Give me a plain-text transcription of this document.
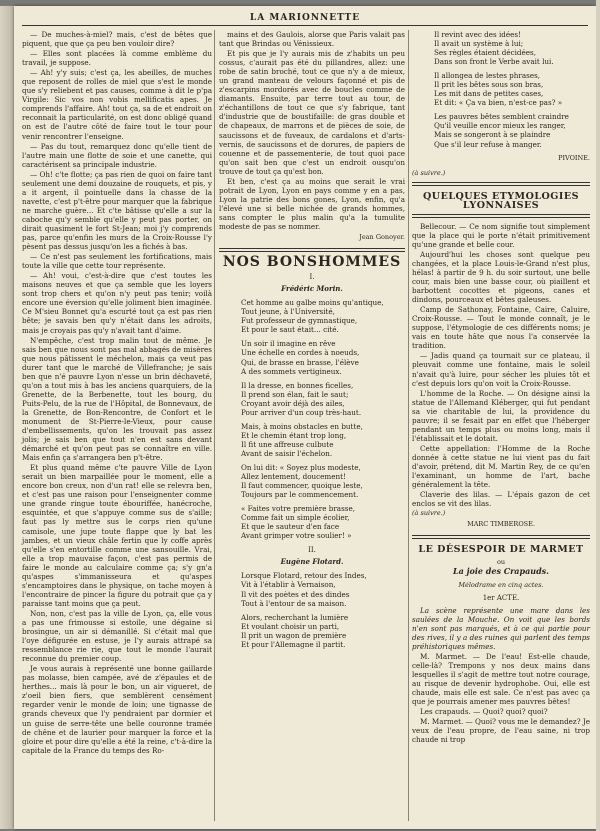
LA MARIONNETTE

— De muches-à-miel? mais, c'est de bêtes que piquent, que que ça peu ben vouloir dire?

— Elles sont placées là comme emblème du travail, je suppose.

— Ah! y'y suis; c'est ça, les abeilles, de muches que reposent de rolles de miel que s'est le monde que s'y reliebent et pas causes, comme à dit le p'pa Virgile: Sic vos non vobis mellificatis apes. Je comprends l'affaire. Ah! tout ça, sa de et endroit on reconnait la particularité, on est donc obligé quand on est de l'autre côté de faire tout le tour pour venir rencontrer l'enseigne.

— Pas du tout, remarquez donc qu'elle tient de l'autre main une flotte de soie et une canette, qui caractérisent sa principale industrie.

— Oh! c'te flotte; ça pas rien de quoi on faire tant seulement une demi douzaine de rouquets, et pis, y a it argent, il pointuelle dans la chasse de la navette, c'est p't-être pour marquer que la fabrique ne marche guère... Et c'te bâtisse qu'elle a sur la caboche qu'y semble qu'elle y peut pas porter, on dirait quasiment le fort St-Jean; moi j'y comprends pas, parce qu'enfin les murs de la Croix-Rousse l'y pèsent pas dessus jusqu'on les a fichés à bas.

— Ce n'est pas seulement les fortifications, mais toute la ville que cette tour représente.

— Ah! voui, c'est-à-dire que c'est toutes les maisons neuves et que ça semble que les loyers sont trop chers et qu'on n'y peut pas tenir; voilà encore une éversion qu'elle joliment bien imaginée. Ce M'sieu Bonnet qu'a escurté tout ça est pas rien bête; je savais ben qu'y n'était dans les adroits, mais je croyais pas qu'y n'avait tant d'aime.

N'empêche, c'est trop malin tout de même. Je sais ben que nous sont pas mal abbagés de misères que nous pâtissent le méchelon, mais ça veut pas durer tant que le marché de Villefranche; je sais ben que n'é pauvre Lyon n'esse un brin déchaveté, qu'on a tout mis à bas les anciens quarquiers, de la Grenette, de la Berbenette, tout les bourg, du Puits-Pelu, de la rue de l'Hôpital, de Bonnevaux, de la Grenette, de Bon-Rencontre, de Confort et le monument de St-Pierre-le-Vieux, pour cause d'embellissements, qu'on les trouvait pas assez jolis; je sais ben que tout n'en est sans devant démarché et qu'on peut pas se connaître en ville. Mais enfin ça s'arrangera ben p't-être.

Et plus quand même c'te pauvre Ville de Lyon serait un bien marpaillée pour le moment, elle a encore bon creux, non d'un rat! elle se relevra ben, et c'est pas une raison pour l'enseignenter comme une grande ringue toute ébouriffée, hanécroche, esquintée, et que s'appuye comme sus de s'aille; faut pas ly mettre sus le corps rien qu'une camisole, une jupe toute flappe que ly bat les jambes, et un vieux châle fertin que ly coffe après qu'elle s'en entortille comme une sansouille. Vrai, elle a trop mauvaise façon, c'est pas permis de faire le monde au calculaire comme ça; s'y gn'a qu'aspes s'immanisseura et qu'aspes s'encamptoires dans le physique, on tache moyen à l'encontraire de pincer la figure du potrait que ça y paraisse tant moins que ça peut.

Non, non, c'est pas la ville de Lyon, ça, elle vous a pas une frimousse si estoile, une dégaine si brosingue, un air si démanillé. Si c'était mal que l'oye défigurée en estuse, je l'y aurais attrapé sa ressemblance rie rie, que tout le monde l'aurait reconnue du premier coup.

Je vous aurais à représenté une bonne gaillarde pas molasse, bien campée, avé de z'épaules et de herthes... mais là pour le bon, un air vigueret, de z'oeil bien fiers, que semblèrent censément regarder venir le monde de loin; une tignasse de grands cheveux que l'y pendraient par dormier et un guise de serre-tête une belle couronne tramée de chêne et de laurier pour marquer la force et la gloire et pour dire qu'elle a été la reine, c't-à-dire la capitale de la France du temps des Ro-

mains et des Gaulois, alorse que Paris valait pas tant que Brindas ou Vénissieux.

Et pis que je l'y aurais mis de z'habits un peu cossus, c'aurait pas été du pillandres, allez: une robe de satin broché, tout ce que n'y a de mieux, un grand manteau de velours façonné et pis de z'escarpins mordorés avec de boucles comme de diamants. Ensuite, par terre tout au tour, de z'échantillons de tout ce que s'y fabrique, tant d'industrie que de boustifaille: de gras double et de chapeaux, de marrons et de pièces de soie, de saucissons et de fuveaux, de cardalons et d'arts-vernis, de saucissons et de dorures, de papiers de couenne et de passementerie, de tout quoi pace qu'on sait ben que c'est un endroit ousqu'on trouve de tout ça qu'est bon.

Et ben, c'est ça au moins que serait le vrai potrait de Lyon, Lyon en pays comme y en a pas, Lyon la patrie des bons gones, Lyon, enfin, qu'a l'élevé une si belle nichée de grands hommes, sans compter le plus malin qu'a la tumulite modeste de pas se nommer.

Jean Gonoyer.
NOS BONSHOMMES
I.
Frédéric Morin.
Cet homme au galbe moins qu'antique,
Tout jeune, à l'Université,
Fut professeur de gymnastique,
Et pour le saut était... cité.
Un soir il imagine en rêve
Une échelle en cordes à noeuds,
Qui, de brasse en brasse, l'élève
A des sommets vertigineux.
Il la dresse, en bonnes ficelles,
Il prend son élan, fait le saut;
Croyant avoir déjà des ailes,
Pour arriver d'un coup très-haut.
Mais, à moins obstacles en butte,
Et le chemin étant trop long,
Il fit une affreuse culbute
Avant de saisir l'échelon.
On lui dit: « Soyez plus modeste,
Allez lentement, doucement!
Il faut commencer, quoique leste,
Toujours par le commencement.
« Faites votre première brasse,
Comme fait un simple écolier,
Et que le sauteur d'en face
Avant grimper votre soulier! »
II.
Eugène Flotard.
Lorsque Flotard, retour des Indes,
Vit à l'établir à Vernaison,
Il vit des poètes et des dindes
Tout à l'entour de sa maison.
Alors, recherchant la lumière
Et voulant choisir un parti,
Il prit un wagon de première
Et pour l'Allemagne il partit.
Il revint avec des idées!
Il avait un système à lui;
Ses règles étaient décidées,
Dans son front le Verbe avait lui.
Il allongea de lestes phrases,
Il prit les bêtes sous son bras,
Les mit dans de petites cases,
Et dit: « Ça va bien, n'est-ce pas? »
Les pauvres bêtes semblent craindre
Qu'il veuille encor mieux les ranger,
Mais se songeront à se plaindre
Que s'il leur refuse à manger.
PIVOINE.
(à suivre.)
QUELQUES ETYMOLOGIES LYONNAISES

Bellecour. — Ce nom signifie tout simplement que la place qui le porte n'était primitivement qu'une grande et belle cour.

Aujourd'hui les choses sont quelque peu changées, et la place Louis-le-Grand n'est plus, hélas! à partir de 9 h. du soir surtout, une belle cour, mais bien une basse cour, où piaillent et barbottent cocottes et pigeons, canes et dindons, pourceaux et bêtes galeuses.

Camp de Sathonay, Fontaine, Caire, Caluire, Croix-Rousse. — Tout le monde connaît, je le suppose, l'étymologie de ces différents noms; je vais en toute hâte que nous l'a conservée la tradition.

— Jadis quand ça tournait sur ce plateau, il pleuvait comme une fontaine, mais le soleil n'avait qu'à luire, pour sécher les pluies tôt et c'est depuis lors qu'on voit la Croix-Rousse.

L'homme de la Roche. — On désigne ainsi la statue de l'Allemand Kléberger, qui fut pendant sa vie charitable de lui, la providence du pauvre; il se fesait par en effet que l'héberger pendant un temps plus ou moins long, mais il l'établissait et le dotait.

Cette appellation: l'Homme de la Roche donnée à cette statue ne lui vient pas du fait d'avoir, prétend, dit M. Martin Rey, de ce qu'en l'examinant, un homme de l'art, bache généralement la tête.

Claverie des lilas. — L'épais gazon de cet enclos se vit des lilas.

(à suivre.)
MARC TIMBEROSE.
LE DÉSESPOIR DE MARMET
ou
La joie des Crapauds.
Mélodrame en cinq actes.
1er ACTE.

La scène représente une mare dans les saulées de la Mouche. On voit que les bords n'en sont pas marqués, et à ce qui partie pour des rives, il y a des ruines qui parlent des temps préhistoriques mêmes.

M. Marmet. — De l'eau! Est-elle chaude, celle-là? Trempons y nos deux mains dans lesquelles il s'agit de mettre tout notre courage, au risque de devenir hydrophobe. Oui, elle est chaude, mais elle est sale. Ce n'est pas avec ça que je pourrais amener mes pauvres bêtes!

Les crapauds. — Quoi? quoi? quoi?

M. Marmet. — Quoi? vous me le demandez? Je veux de l'eau propre, de l'eau saine, ni trop chaude ni trop
